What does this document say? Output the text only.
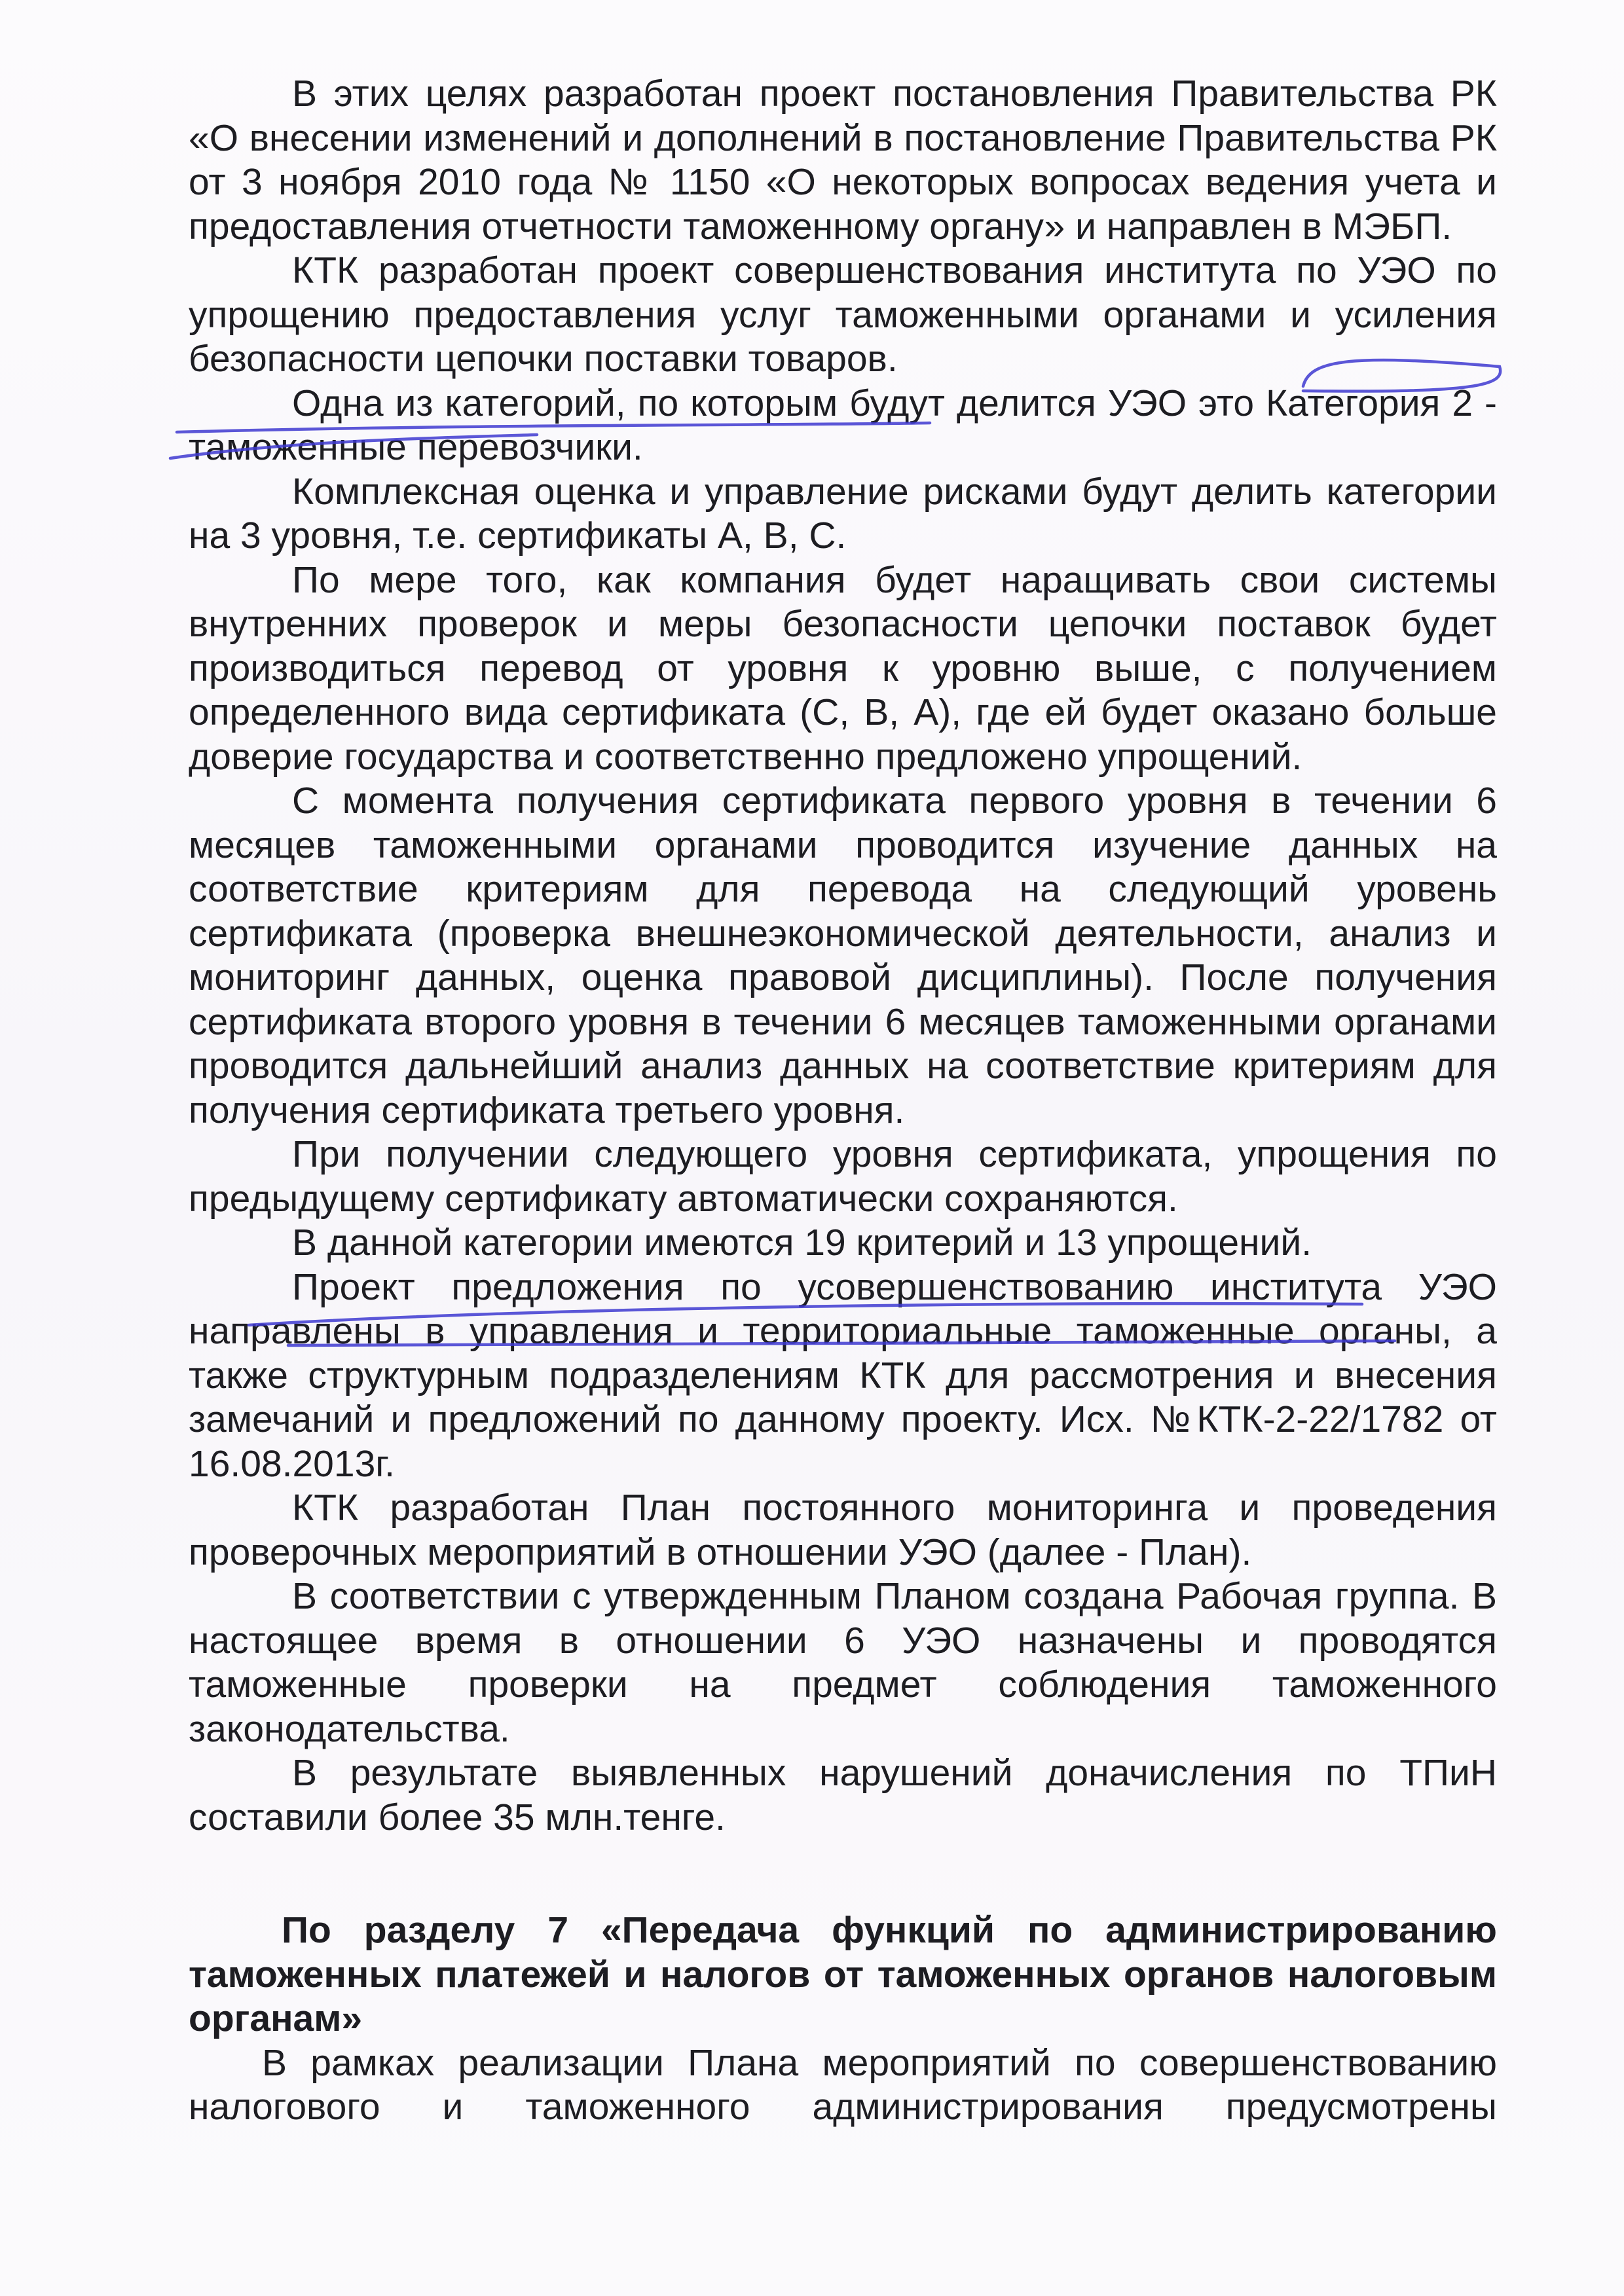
В этих целях разработан проект постановления Правительства РК «О внесении изменений и дополнений в постановление Правительства РК от 3 ноября 2010 года № 1150 «О некоторых вопросах ведения учета и предоставления отчетности таможенному органу» и направлен в МЭБП.

КТК разработан проект совершенствования института по УЭО по упрощению предоставления услуг таможенными органами и усиления безопасности цепочки поставки товаров.

Одна из категорий, по которым будут делится УЭО это Категория 2 - таможенные перевозчики.

Комплексная оценка и управление рисками будут делить категории на 3 уровня, т.е. сертификаты А, В, С.

По мере того, как компания будет наращивать свои системы внутренних проверок и меры безопасности цепочки поставок будет производиться перевод от уровня к уровню выше, с получением определенного вида сертификата (С, В, А), где ей будет оказано больше доверие государства и соответственно предложено упрощений.

С момента получения сертификата первого уровня в течении 6 месяцев таможенными органами проводится изучение данных на соответствие критериям для перевода на следующий уровень сертификата (проверка внешнеэкономической деятельности, анализ и мониторинг данных, оценка правовой дисциплины). После получения сертификата второго уровня в течении 6 месяцев таможенными органами проводится дальнейший анализ данных на соответствие критериям для получения сертификата третьего уровня.

При получении следующего уровня сертификата, упрощения по предыдущему сертификату автоматически сохраняются.

В данной категории имеются 19 критерий и 13 упрощений.

Проект предложения по усовершенствованию института УЭО направлены в управления и территориальные таможенные органы, а также структурным подразделениям КТК для рассмотрения и внесения замечаний и предложений по данному проекту. Исх. №КТК-2-22/1782 от 16.08.2013г.

КТК разработан План постоянного мониторинга и проведения проверочных мероприятий в отношении УЭО (далее - План).

В соответствии с утвержденным Планом создана Рабочая группа. В настоящее время в отношении 6 УЭО назначены и проводятся таможенные проверки на предмет соблюдения таможенного законодательства.

В результате выявленных нарушений доначисления по ТПиН составили более 35 млн.тенге.

По разделу 7 «Передача функций по администрированию таможенных платежей и налогов от таможенных органов налоговым органам»

В рамках реализации Плана мероприятий по совершенствованию налогового и таможенного администрирования предусмотрены
